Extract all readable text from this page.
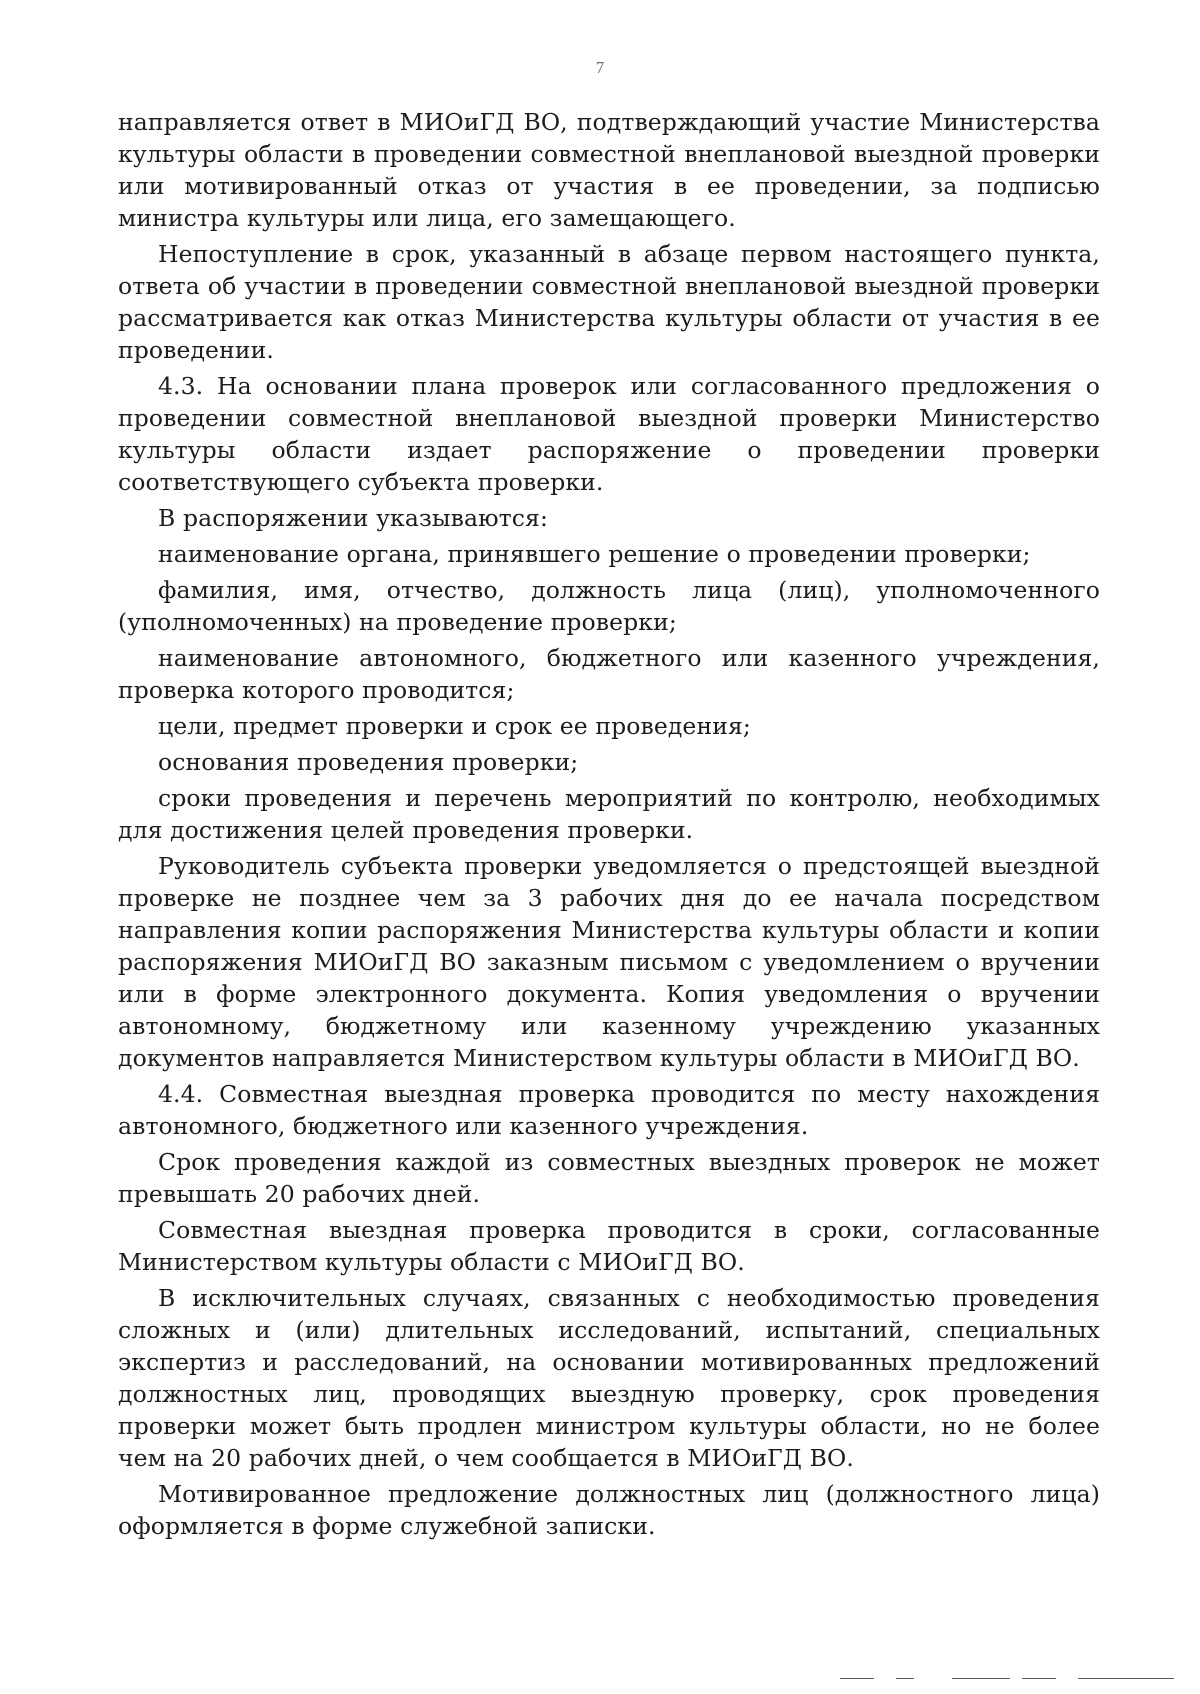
7

направляется ответ в МИОиГД ВО, подтверждающий участие Министерства культуры области в проведении совместной внеплановой выездной проверки или мотивированный отказ от участия в ее проведении, за подписью министра культуры или лица, его замещающего.

Непоступление в срок, указанный в абзаце первом настоящего пункта, ответа об участии в проведении совместной внеплановой выездной проверки рассматривается как отказ Министерства культуры области от участия в ее проведении.

4.3. На основании плана проверок или согласованного предложения о проведении совместной внеплановой выездной проверки Министерство культуры области издает распоряжение о проведении проверки соответствующего субъекта проверки.

В распоряжении указываются:

наименование органа, принявшего решение о проведении проверки;

фамилия, имя, отчество, должность лица (лиц), уполномоченного (уполномоченных) на проведение проверки;

наименование автономного, бюджетного или казенного учреждения, проверка которого проводится;

цели, предмет проверки и срок ее проведения;

основания проведения проверки;

сроки проведения и перечень мероприятий по контролю, необходимых для достижения целей проведения проверки.

Руководитель субъекта проверки уведомляется о предстоящей выездной проверке не позднее чем за 3 рабочих дня до ее начала посредством направления копии распоряжения Министерства культуры области и копии распоряжения МИОиГД ВО заказным письмом с уведомлением о вручении или в форме электронного документа. Копия уведомления о вручении автономному, бюджетному или казенному учреждению указанных документов направляется Министерством культуры области в МИОиГД ВО.

4.4. Совместная выездная проверка проводится по месту нахождения автономного, бюджетного или казенного учреждения.

Срок проведения каждой из совместных выездных проверок не может превышать 20 рабочих дней.

Совместная выездная проверка проводится в сроки, согласованные Министерством культуры области с МИОиГД ВО.

В исключительных случаях, связанных с необходимостью проведения сложных и (или) длительных исследований, испытаний, специальных экспертиз и расследований, на основании мотивированных предложений должностных лиц, проводящих выездную проверку, срок проведения проверки может быть продлен министром культуры области, но не более чем на 20 рабочих дней, о чем сообщается в МИОиГД ВО.

Мотивированное предложение должностных лиц (должностного лица) оформляется в форме служебной записки.
